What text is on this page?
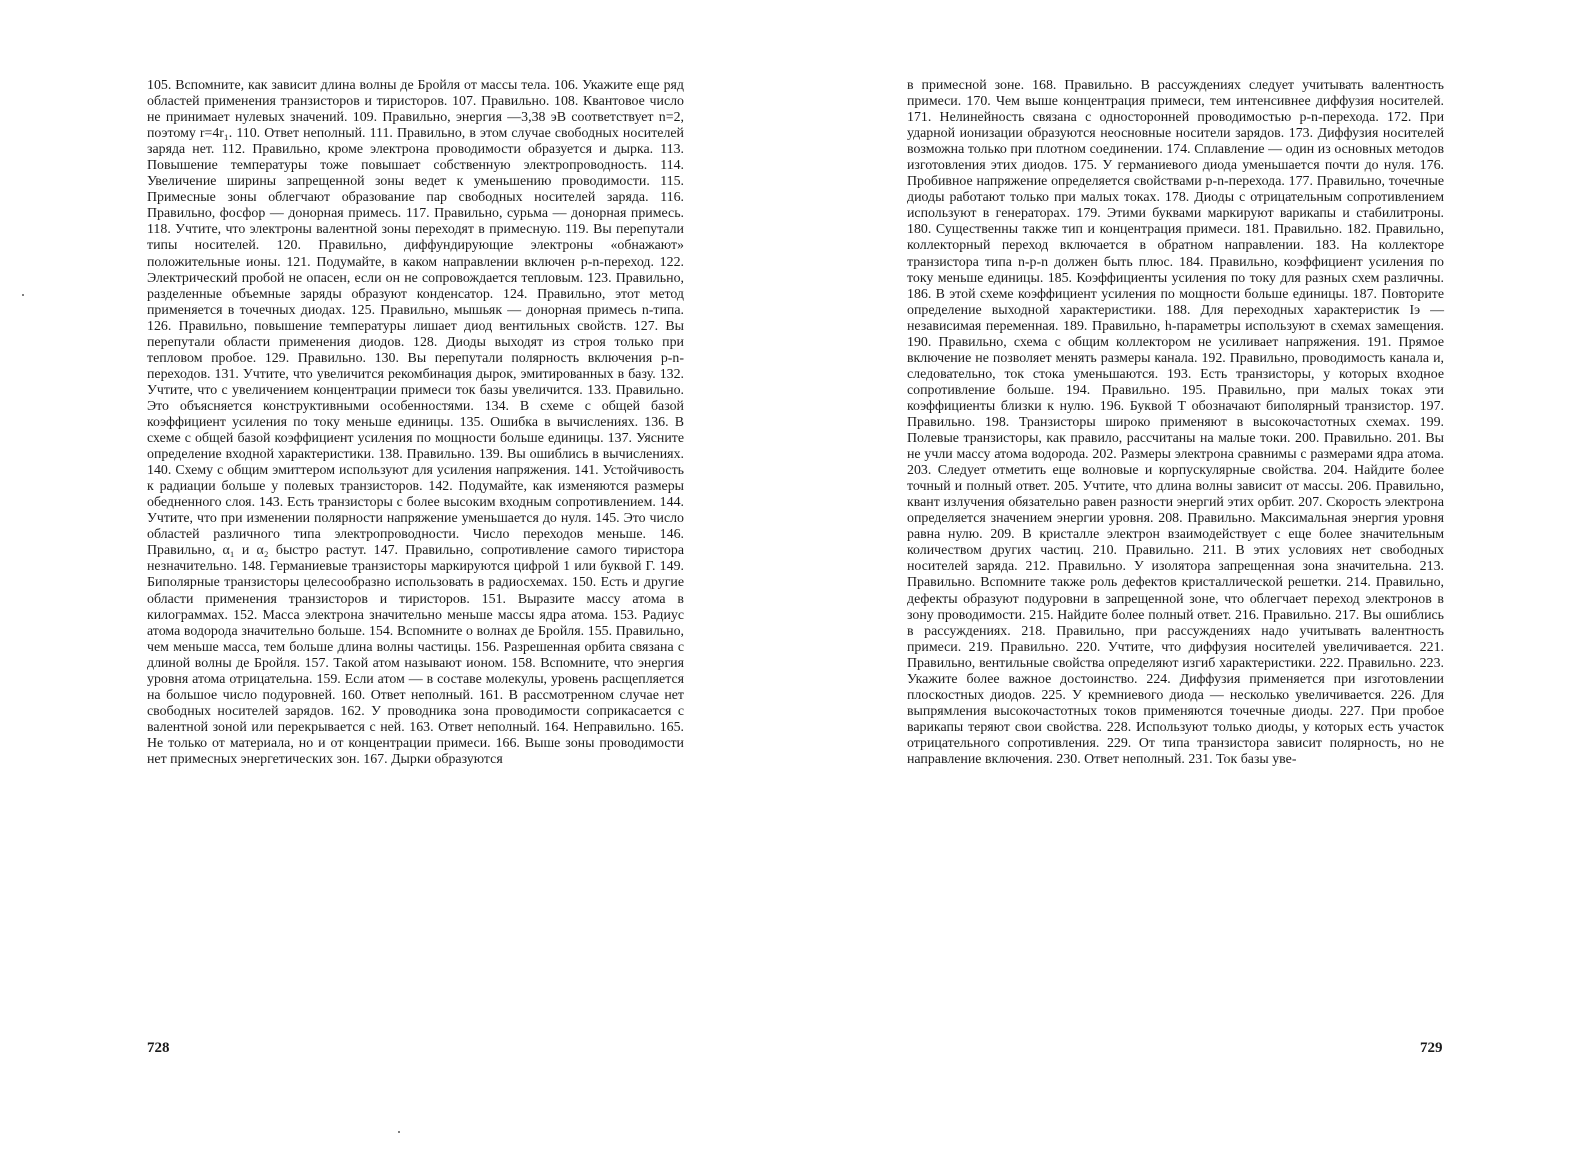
105. Вспомните, как зависит длина волны де Бройля от массы тела. 106. Укажите еще ряд областей применения транзисторов и тиристоров. 107. Правильно. 108. Квантовое число не принимает нулевых значений. 109. Правильно, энергия —3,38 эВ соответствует n=2, поэтому r=4r₁. 110. Ответ неполный. 111. Правильно, в этом случае свободных носителей заряда нет. 112. Правильно, кроме электрона проводимости образуется и дырка. 113. Повышение температуры тоже повышает собственную электропроводность. 114. Увеличение ширины запрещенной зоны ведет к уменьшению проводимости. 115. Примесные зоны облегчают образование пар свободных носителей заряда. 116. Правильно, фосфор — донорная примесь. 117. Правильно, сурьма — донорная примесь. 118. Учтите, что электроны валентной зоны переходят в примесную. 119. Вы перепутали типы носителей. 120. Правильно, диффундирующие электроны «обнажают» положительные ионы. 121. Подумайте, в каком направлении включен p-n-переход. 122. Электрический пробой не опасен, если он не сопровождается тепловым. 123. Правильно, разделенные объемные заряды образуют конденсатор. 124. Правильно, этот метод применяется в точечных диодах. 125. Правильно, мышьяк — донорная примесь n-типа. 126. Правильно, повышение температуры лишает диод вентильных свойств. 127. Вы перепутали области применения диодов. 128. Диоды выходят из строя только при тепловом пробое. 129. Правильно. 130. Вы перепутали полярность включения p-n-переходов. 131. Учтите, что увеличится рекомбинация дырок, эмитированных в базу. 132. Учтите, что с увеличением концентрации примеси ток базы увеличится. 133. Правильно. Это объясняется конструктивными особенностями. 134. В схеме с общей базой коэффициент усиления по току меньше единицы. 135. Ошибка в вычислениях. 136. В схеме с общей базой коэффициент усиления по мощности больше единицы. 137. Уясните определение входной характеристики. 138. Правильно. 139. Вы ошиблись в вычислениях. 140. Схему с общим эмиттером используют для усиления напряжения. 141. Устойчивость к радиации больше у полевых транзисторов. 142. Подумайте, как изменяются размеры обедненного слоя. 143. Есть транзисторы с более высоким входным сопротивлением. 144. Учтите, что при изменении полярности напряжение уменьшается до нуля. 145. Это число областей различного типа электропроводности. Число переходов меньше. 146. Правильно, α₁ и α₂ быстро растут. 147. Правильно, сопротивление самого тиристора незначительно. 148. Германиевые транзисторы маркируются цифрой 1 или буквой Г. 149. Биполярные транзисторы целесообразно использовать в радиосхемах. 150. Есть и другие области применения транзисторов и тиристоров. 151. Выразите массу атома в килограммах. 152. Масса электрона значительно меньше массы ядра атома. 153. Радиус атома водорода значительно больше. 154. Вспомните о волнах де Бройля. 155. Правильно, чем меньше масса, тем больше длина волны частицы. 156. Разрешенная орбита связана с длиной волны де Бройля. 157. Такой атом называют ионом. 158. Вспомните, что энергия уровня атома отрицательна. 159. Если атом — в составе молекулы, уровень расщепляется на большое число подуровней. 160. Ответ неполный. 161. В рассмотренном случае нет свободных носителей зарядов. 162. У проводника зона проводимости соприкасается с валентной зоной или перекрывается с ней. 163. Ответ неполный. 164. Неправильно. 165. Не только от материала, но и от концентрации примеси. 166. Выше зоны проводимости нет примесных энергетических зон. 167. Дырки образуются

в примесной зоне. 168. Правильно. В рассуждениях следует учитывать валентность примеси. 170. Чем выше концентрация примеси, тем интенсивнее диффузия носителей. 171. Нелинейность связана с односторонней проводимостью p-n-перехода. 172. При ударной ионизации образуются неосновные носители зарядов. 173. Диффузия носителей возможна только при плотном соединении. 174. Сплавление — один из основных методов изготовления этих диодов. 175. У германиевого диода уменьшается почти до нуля. 176. Пробивное напряжение определяется свойствами p-n-перехода. 177. Правильно, точечные диоды работают только при малых токах. 178. Диоды с отрицательным сопротивлением используют в генераторах. 179. Этими буквами маркируют варикапы и стабилитроны. 180. Существенны также тип и концентрация примеси. 181. Правильно. 182. Правильно, коллекторный переход включается в обратном направлении. 183. На коллекторе транзистора типа n-p-n должен быть плюс. 184. Правильно, коэффициент усиления по току меньше единицы. 185. Коэффициенты усиления по току для разных схем различны. 186. В этой схеме коэффициент усиления по мощности больше единицы. 187. Повторите определение выходной характеристики. 188. Для переходных характеристик Iэ — независимая переменная. 189. Правильно, h-параметры используют в схемах замещения. 190. Правильно, схема с общим коллектором не усиливает напряжения. 191. Прямое включение не позволяет менять размеры канала. 192. Правильно, проводимость канала и, следовательно, ток стока уменьшаются. 193. Есть транзисторы, у которых входное сопротивление больше. 194. Правильно. 195. Правильно, при малых токах эти коэффициенты близки к нулю. 196. Буквой Т обозначают биполярный транзистор. 197. Правильно. 198. Транзисторы широко применяют в высокочастотных схемах. 199. Полевые транзисторы, как правило, рассчитаны на малые токи. 200. Правильно. 201. Вы не учли массу атома водорода. 202. Размеры электрона сравнимы с размерами ядра атома. 203. Следует отметить еще волновые и корпускулярные свойства. 204. Найдите более точный и полный ответ. 205. Учтите, что длина волны зависит от массы. 206. Правильно, квант излучения обязательно равен разности энергий этих орбит. 207. Скорость электрона определяется значением энергии уровня. 208. Правильно. Максимальная энергия уровня равна нулю. 209. В кристалле электрон взаимодействует с еще более значительным количеством других частиц. 210. Правильно. 211. В этих условиях нет свободных носителей заряда. 212. Правильно. У изолятора запрещенная зона значительна. 213. Правильно. Вспомните также роль дефектов кристаллической решетки. 214. Правильно, дефекты образуют подуровни в запрещенной зоне, что облегчает переход электронов в зону проводимости. 215. Найдите более полный ответ. 216. Правильно. 217. Вы ошиблись в рассуждениях. 218. Правильно, при рассуждениях надо учитывать валентность примеси. 219. Правильно. 220. Учтите, что диффузия носителей увеличивается. 221. Правильно, вентильные свойства определяют изгиб характеристики. 222. Правильно. 223. Укажите более важное достоинство. 224. Диффузия применяется при изготовлении плоскостных диодов. 225. У кремниевого диода — несколько увеличивается. 226. Для выпрямления высокочастотных токов применяются точечные диоды. 227. При пробое варикапы теряют свои свойства. 228. Используют только диоды, у которых есть участок отрицательного сопротивления. 229. От типа транзистора зависит полярность, но не направление включения. 230. Ответ неполный. 231. Ток базы уве-

728	729
